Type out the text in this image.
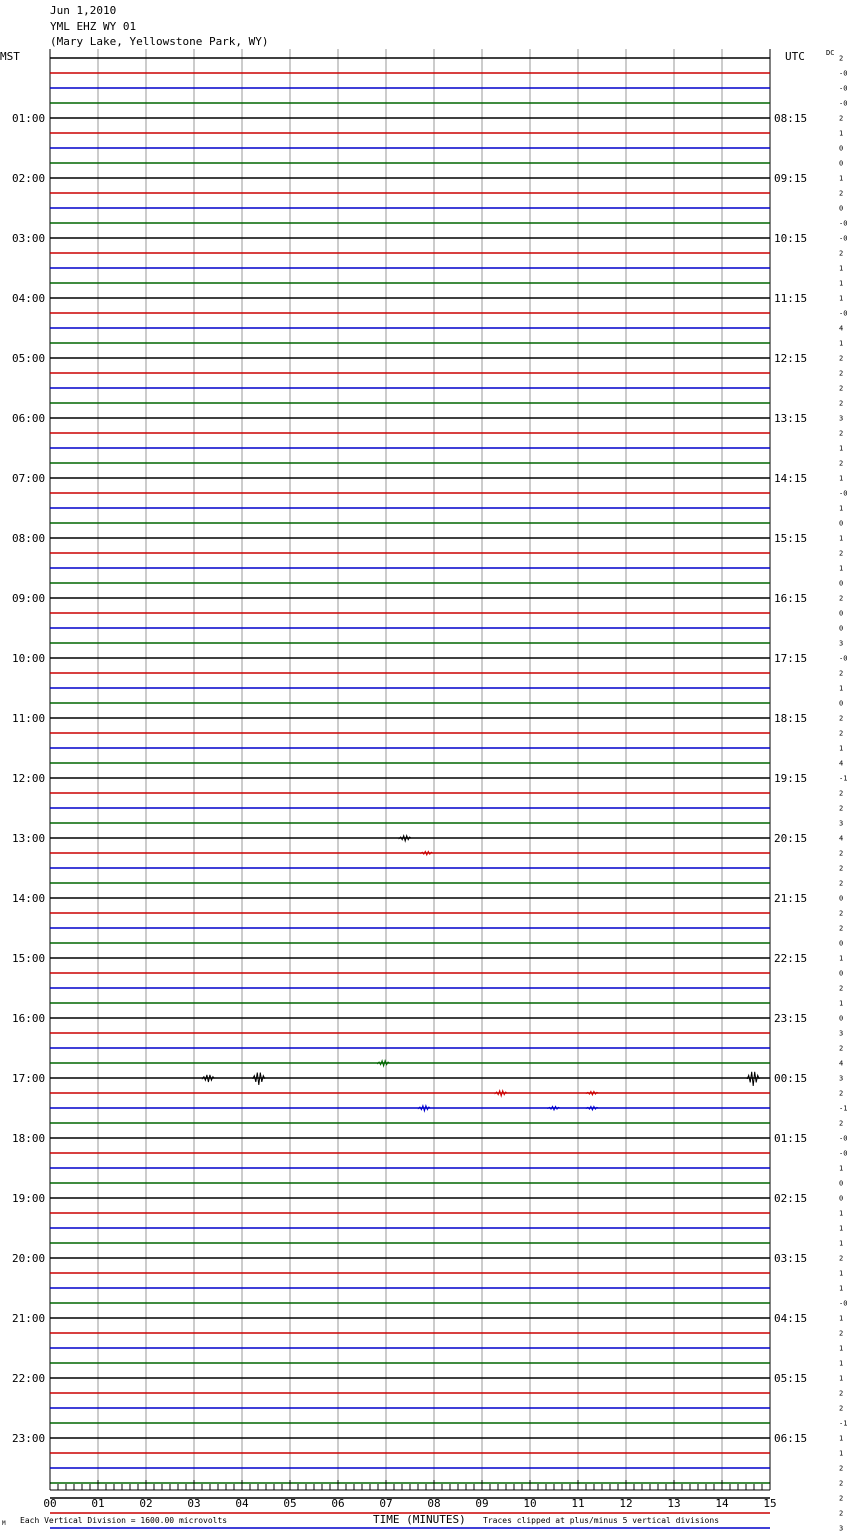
Jun 1,2010
YML EHZ WY 01
(Mary Lake, Yellowstone Park, WY)
MST	UTC	DC
2
-0
-0
-0
2
1
0
0
1
2
0
-0
-0
2
1
1
1
-0
4
1
2
2
2
2
3
2
1
2
1
-0
1
0
1
2
1
0
2
0
0
3
-0
2
1
0
2
2
1
4
-1
2
2
3
4
2
2
2
0
2
2
0
1
0
2
1
0
3
2
4
3
2
-1
2
-0
-0
1
0
0
1
1
1
2
1
1
-0
1
2
1
1
1
2
2
-1
1
1
2
2
2
2
3
01:00
02:00
03:00
04:00
05:00
06:00
07:00
08:00
09:00
10:00
11:00
12:00
13:00
14:00
15:00
16:00
17:00
18:00
19:00
20:00
21:00
22:00
23:00
08:15
09:15
10:15
11:15
12:15
13:15
14:15
15:15
16:15
17:15
18:15
19:15
20:15
21:15
22:15
23:15
00:15
01:15
02:15
03:15
04:15
05:15
06:15
00	01	02	03	04	05	06	07	08	09	10	11	12	13	14	15
M Each Vertical Division = 1600.00 microvolts	TIME (MINUTES) Traces clipped at plus/minus 5 vertical divisions
